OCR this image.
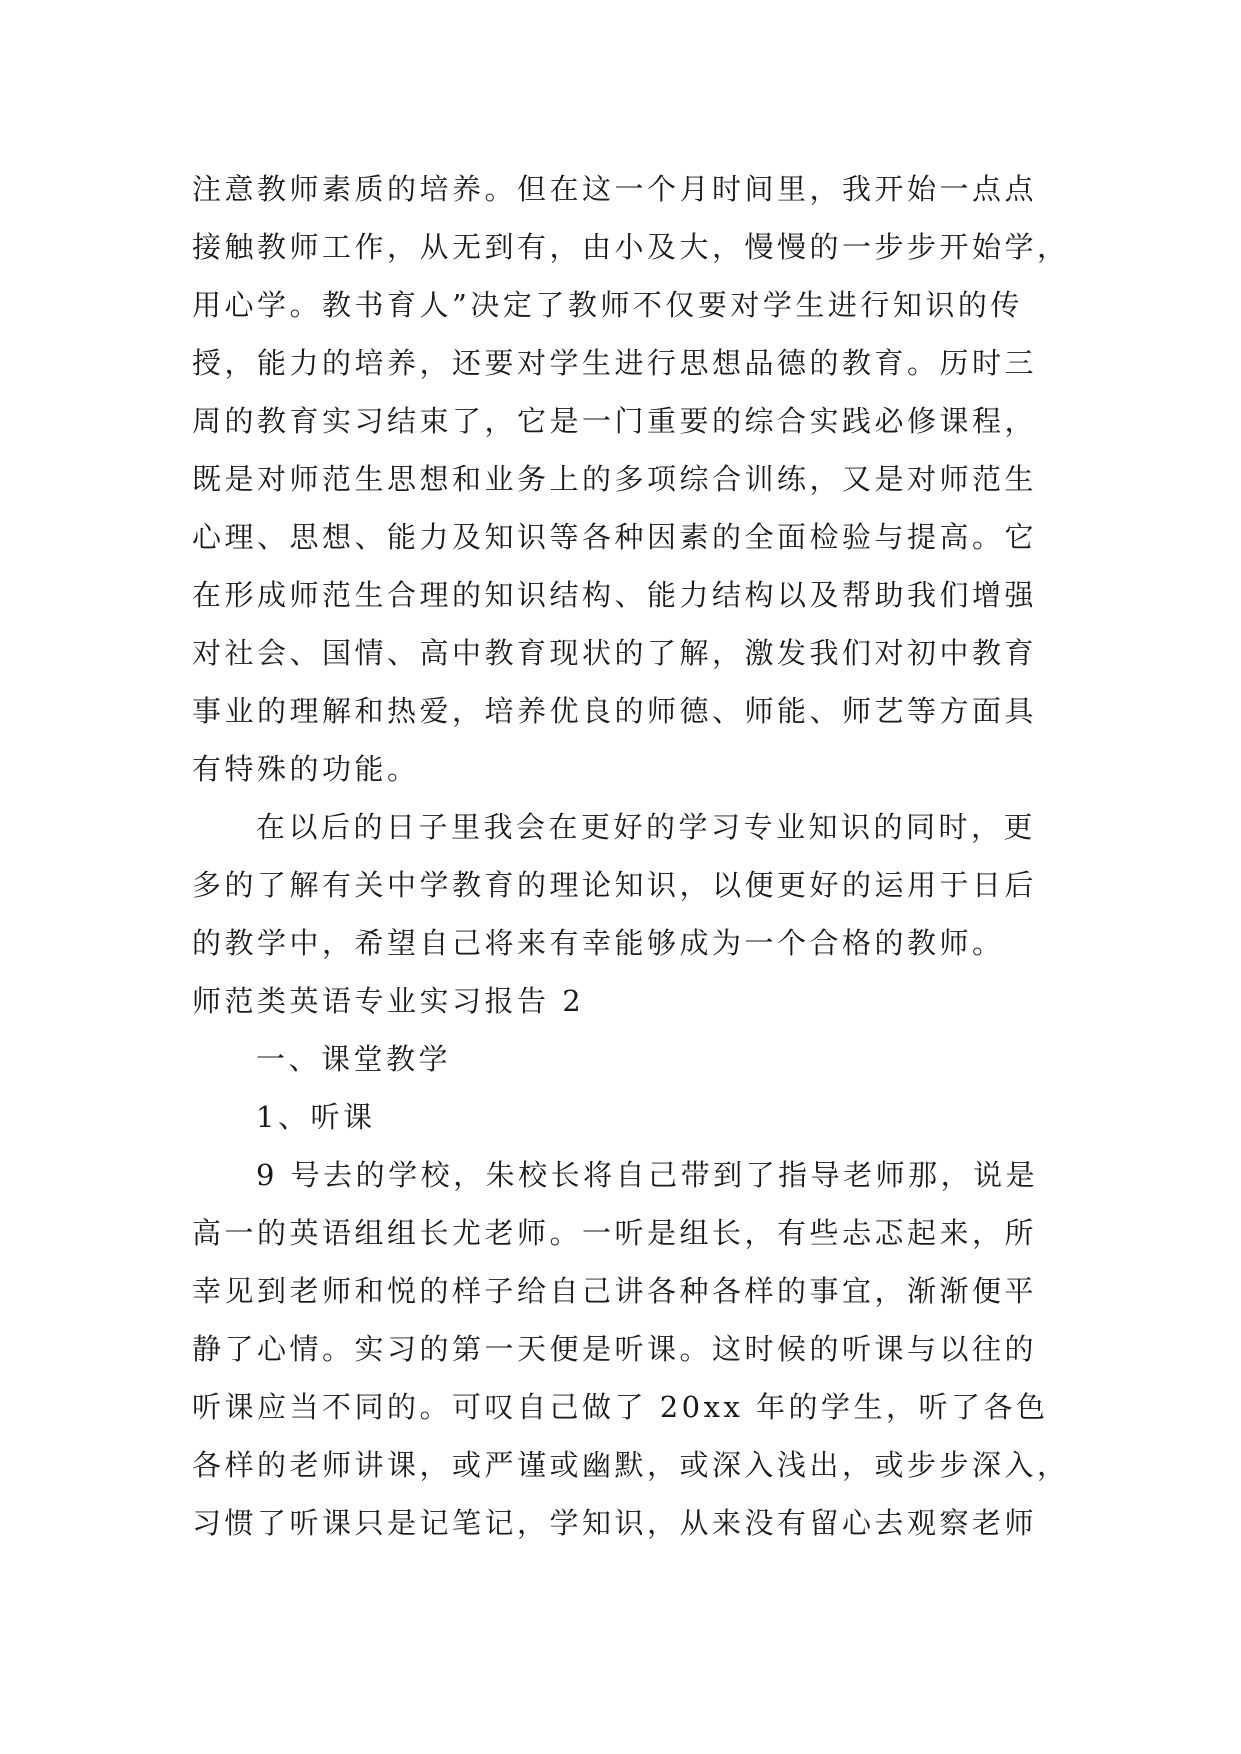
注意教师素质的培养。但在这一个月时间里，我开始一点点
接触教师工作，从无到有，由小及大，慢慢的一步步开始学，
用心学。教书育人”决定了教师不仅要对学生进行知识的传
授，能力的培养，还要对学生进行思想品德的教育。历时三
周的教育实习结束了，它是一门重要的综合实践必修课程，
既是对师范生思想和业务上的多项综合训练，又是对师范生
心理、思想、能力及知识等各种因素的全面检验与提高。它
在形成师范生合理的知识结构、能力结构以及帮助我们增强
对社会、国情、高中教育现状的了解，激发我们对初中教育
事业的理解和热爱，培养优良的师德、师能、师艺等方面具
有特殊的功能。
在以后的日子里我会在更好的学习专业知识的同时，更
多的了解有关中学教育的理论知识，以便更好的运用于日后
的教学中，希望自己将来有幸能够成为一个合格的教师。
师范类英语专业实习报告 2
一、课堂教学
1、听课
9 号去的学校，朱校长将自己带到了指导老师那，说是
高一的英语组组长尤老师。一听是组长，有些忐忑起来，所
幸见到老师和悦的样子给自己讲各种各样的事宜，渐渐便平
静了心情。实习的第一天便是听课。这时候的听课与以往的
听课应当不同的。可叹自己做了 20xx 年的学生，听了各色
各样的老师讲课，或严谨或幽默，或深入浅出，或步步深入，
习惯了听课只是记笔记，学知识，从来没有留心去观察老师
